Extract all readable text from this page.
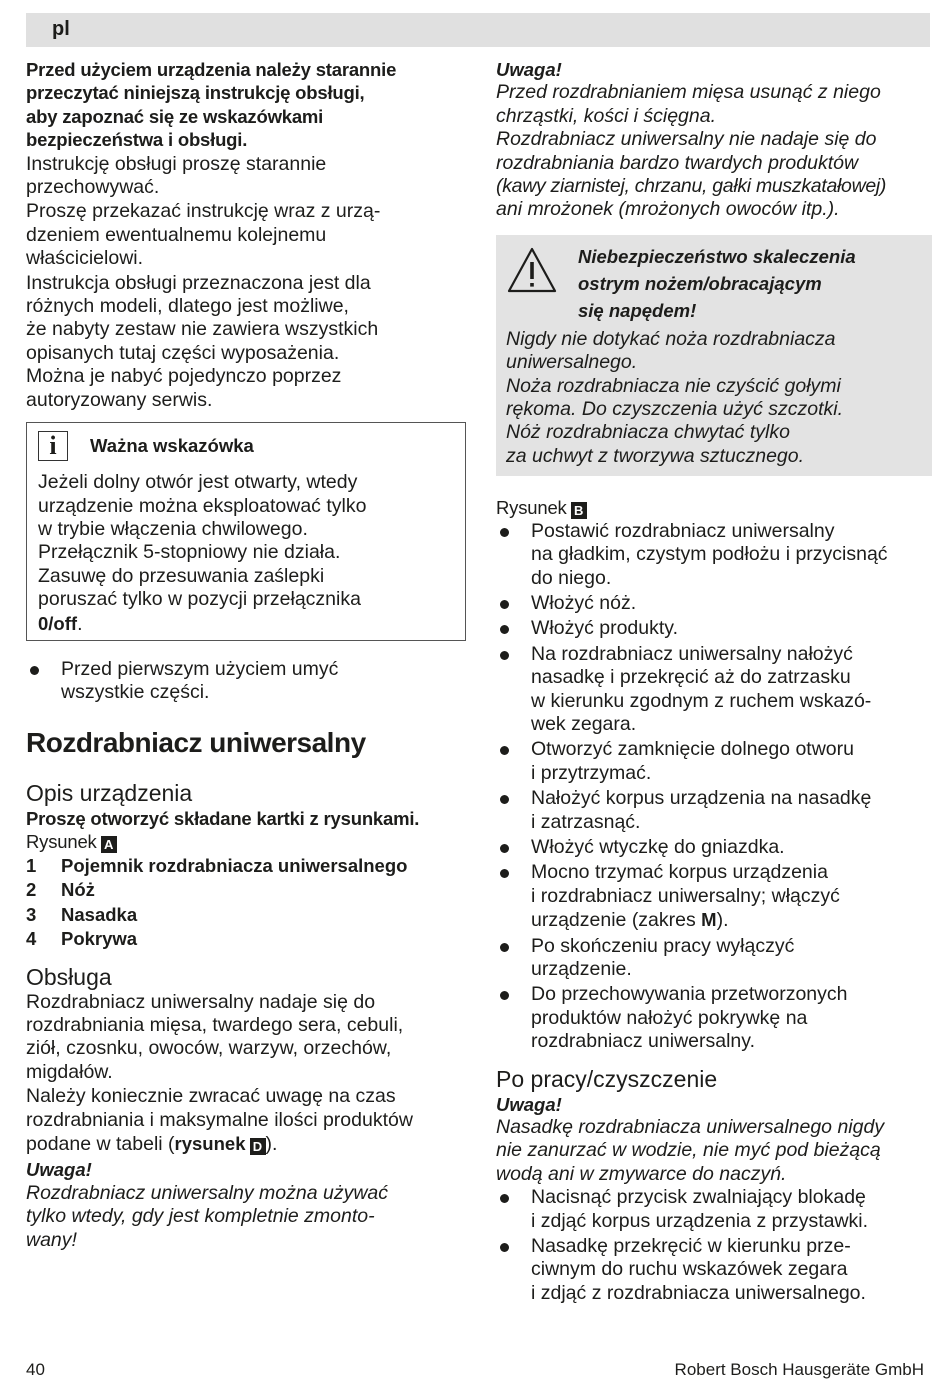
pl

Przed użyciem urządzenia należy starannie
przeczytać niniejszą instrukcję obsługi,
aby zapoznać się ze wskazówkami
bezpieczeństwa i obsługi.

Instrukcję obsługi proszę starannie
przechowywać.

Proszę przekazać instrukcję wraz z urzą-
dzeniem ewentualnemu kolejnemu
właścicielowi.

Instrukcja obsługi przeznaczona jest dla
różnych modeli, dlatego jest możliwe,
że nabyty zestaw nie zawiera wszystkich
opisanych tutaj części wyposażenia.
Można je nabyć pojedynczo poprzez
autoryzowany serwis.

i	Ważna wskazówka

Jeżeli dolny otwór jest otwarty, wtedy
urządzenie można eksploatować tylko
w trybie włączenia chwilowego.
Przełącznik 5-stopniowy nie działa.
Zasuwę do przesuwania zaślepki
poruszać tylko w pozycji przełącznika
0/off.

Przed pierwszym użyciem umyć
wszystkie części.
Rozdrabniacz uniwersalny
Opis urządzenia

Proszę otworzyć składane kartki z rysunkami.

Rysunek A

1	Pojemnik rozdrabniacza uniwersalnego
2	Nóż
3	Nasadka
4	Pokrywa
Obsługa

Rozdrabniacz uniwersalny nadaje się do
rozdrabniania mięsa, twardego sera, cebuli,
ziół, czosnku, owoców, warzyw, orzechów,
migdałów.

Należy koniecznie zwracać uwagę na czas
rozdrabniania i maksymalne ilości produktów
podane w tabeli (rysunek D ).

Uwaga!

Rozdrabniacz uniwersalny można używać
tylko wtedy, gdy jest kompletnie zmonto-
wany!

Uwaga!

Przed rozdrabnianiem mięsa usunąć z niego
chrząstki, kości i ścięgna.
Rozdrabniacz uniwersalny nie nadaje się do
rozdrabniania bardzo twardych produktów
(kawy ziarnistej, chrzanu, gałki muszkatałowej)
ani mrożonek (mrożonych owoców itp.).

Niebezpieczeństwo skaleczenia
ostrym nożem/obracającym
się napędem!

Nigdy nie dotykać noża rozdrabniacza
uniwersalnego.
Noża rozdrabniacza nie czyścić gołymi
rękoma. Do czyszczenia użyć szczotki.
Nóż rozdrabniacza chwytać tylko
za uchwyt z tworzywa sztucznego.

Rysunek B

Postawić rozdrabniacz uniwersalny
na gładkim, czystym podłożu i przycisnąć
do niego.
Włożyć nóż.
Włożyć produkty.
Na rozdrabniacz uniwersalny nałożyć
nasadkę i przekręcić aż do zatrzasku
w kierunku zgodnym z ruchem wskazó-
wek zegara.
Otworzyć zamknięcie dolnego otworu
i przytrzymać.
Nałożyć korpus urządzenia na nasadkę
i zatrzasnąć.
Włożyć wtyczkę do gniazdka.
Mocno trzymać korpus urządzenia
i rozdrabniacz uniwersalny; włączyć
urządzenie (zakres M).
Po skończeniu pracy wyłączyć
urządzenie.
Do przechowywania przetworzonych
produktów nałożyć pokrywkę na
rozdrabniacz uniwersalny.
Po pracy/czyszczenie

Uwaga!

Nasadkę rozdrabniacza uniwersalnego nigdy
nie zanurzać w wodzie, nie myć pod bieżącą
wodą ani w zmywarce do naczyń.

Nacisnąć przycisk zwalniający blokadę
i zdjąć korpus urządzenia z przystawki.
Nasadkę przekręcić w kierunku prze-
ciwnym do ruchu wskazówek zegara
i zdjąć z rozdrabniacza uniwersalnego.
40	Robert Bosch Hausgeräte GmbH
